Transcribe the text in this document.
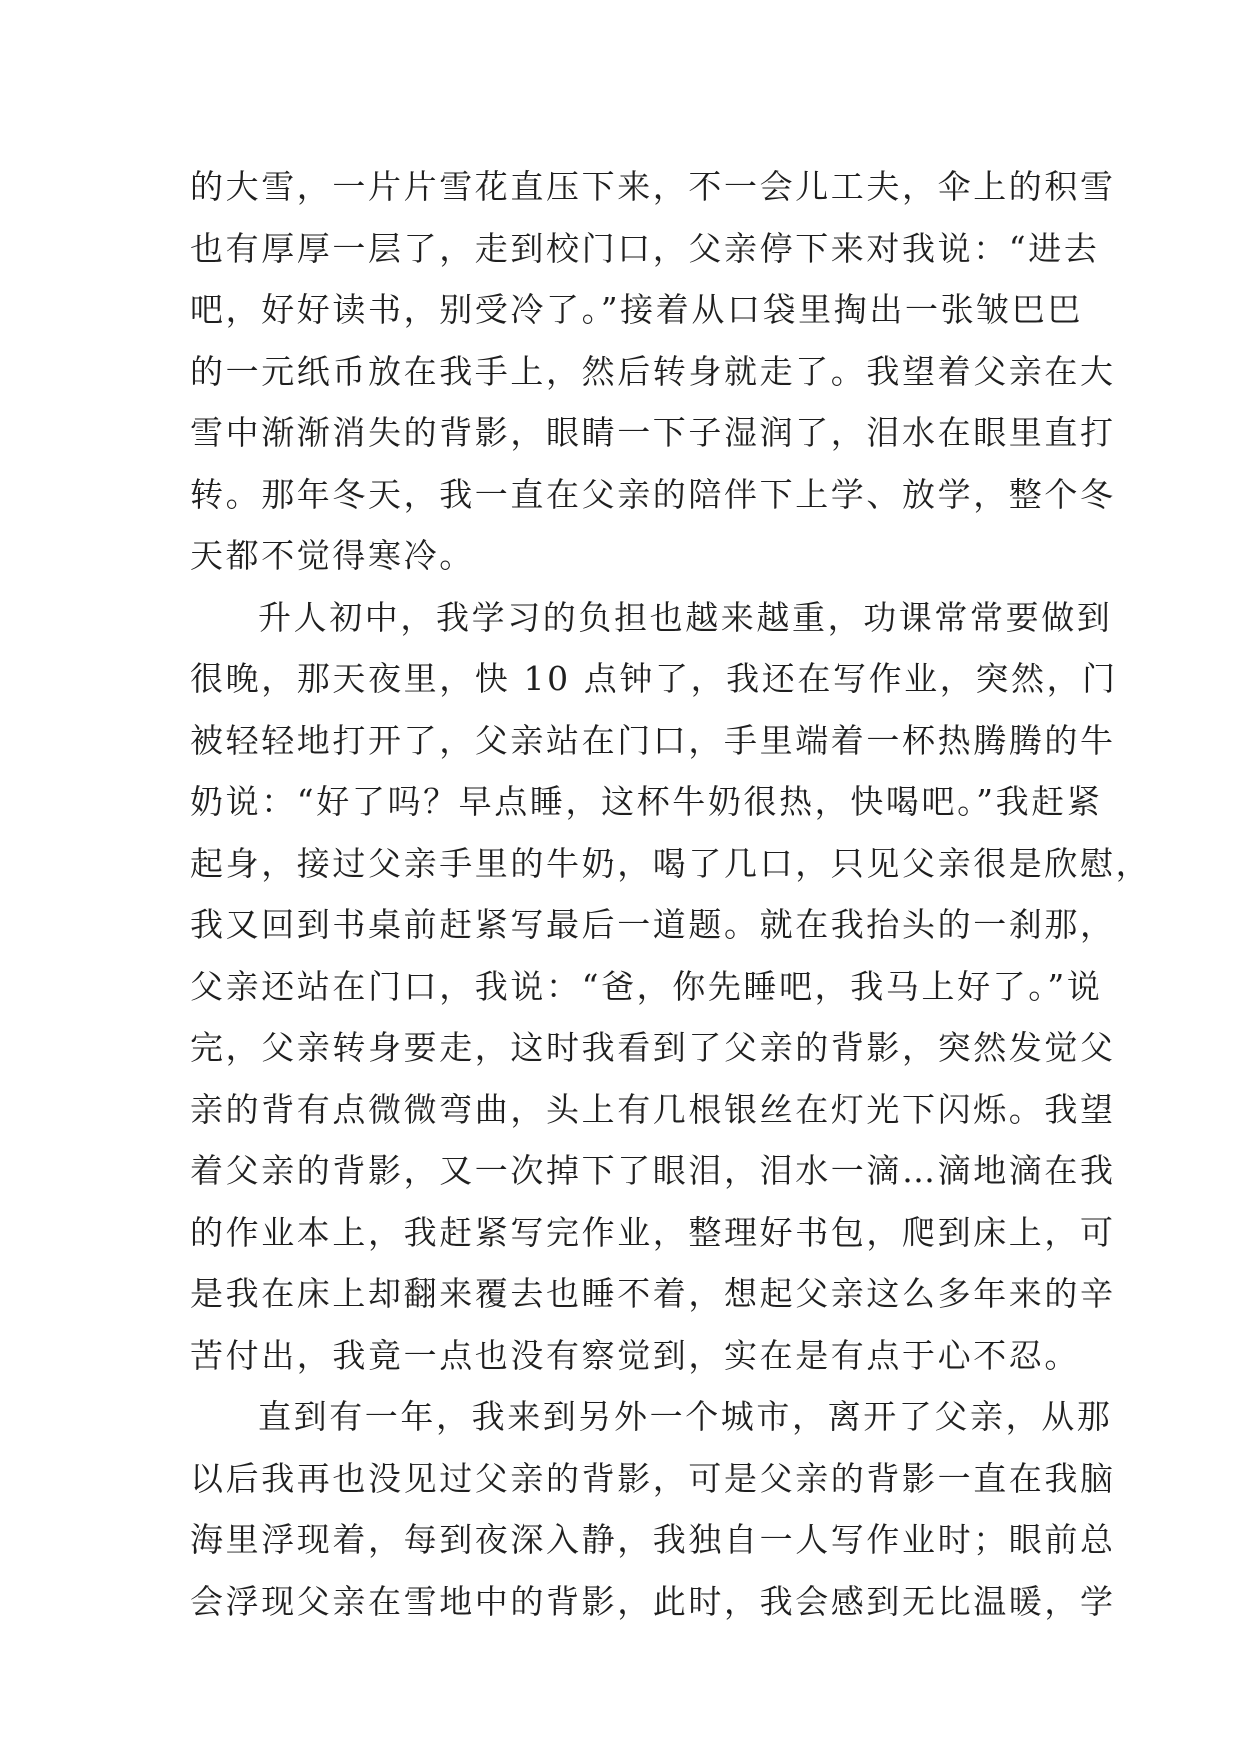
的大雪，一片片雪花直压下来，不一会儿工夫，伞上的积雪
也有厚厚一层了，走到校门口，父亲停下来对我说：“进去
吧，好好读书，别受冷了。”接着从口袋里掏出一张皱巴巴
的一元纸币放在我手上，然后转身就走了。我望着父亲在大
雪中渐渐消失的背影，眼睛一下子湿润了，泪水在眼里直打
转。那年冬天，我一直在父亲的陪伴下上学、放学，整个冬
天都不觉得寒冷。
升人初中，我学习的负担也越来越重，功课常常要做到
很晚，那天夜里，快 10 点钟了，我还在写作业，突然，门
被轻轻地打开了，父亲站在门口，手里端着一杯热腾腾的牛
奶说：“好了吗？早点睡，这杯牛奶很热，快喝吧。”我赶紧
起身，接过父亲手里的牛奶，喝了几口，只见父亲很是欣慰，
我又回到书桌前赶紧写最后一道题。就在我抬头的一刹那，
父亲还站在门口，我说：“爸，你先睡吧，我马上好了。”说
完，父亲转身要走，这时我看到了父亲的背影，突然发觉父
亲的背有点微微弯曲，头上有几根银丝在灯光下闪烁。我望
着父亲的背影，又一次掉下了眼泪，泪水一滴…滴地滴在我
的作业本上，我赶紧写完作业，整理好书包，爬到床上，可
是我在床上却翻来覆去也睡不着，想起父亲这么多年来的辛
苦付出，我竟一点也没有察觉到，实在是有点于心不忍。
直到有一年，我来到另外一个城市，离开了父亲，从那
以后我再也没见过父亲的背影，可是父亲的背影一直在我脑
海里浮现着，每到夜深入静，我独自一人写作业时；眼前总
会浮现父亲在雪地中的背影，此时，我会感到无比温暖，学
